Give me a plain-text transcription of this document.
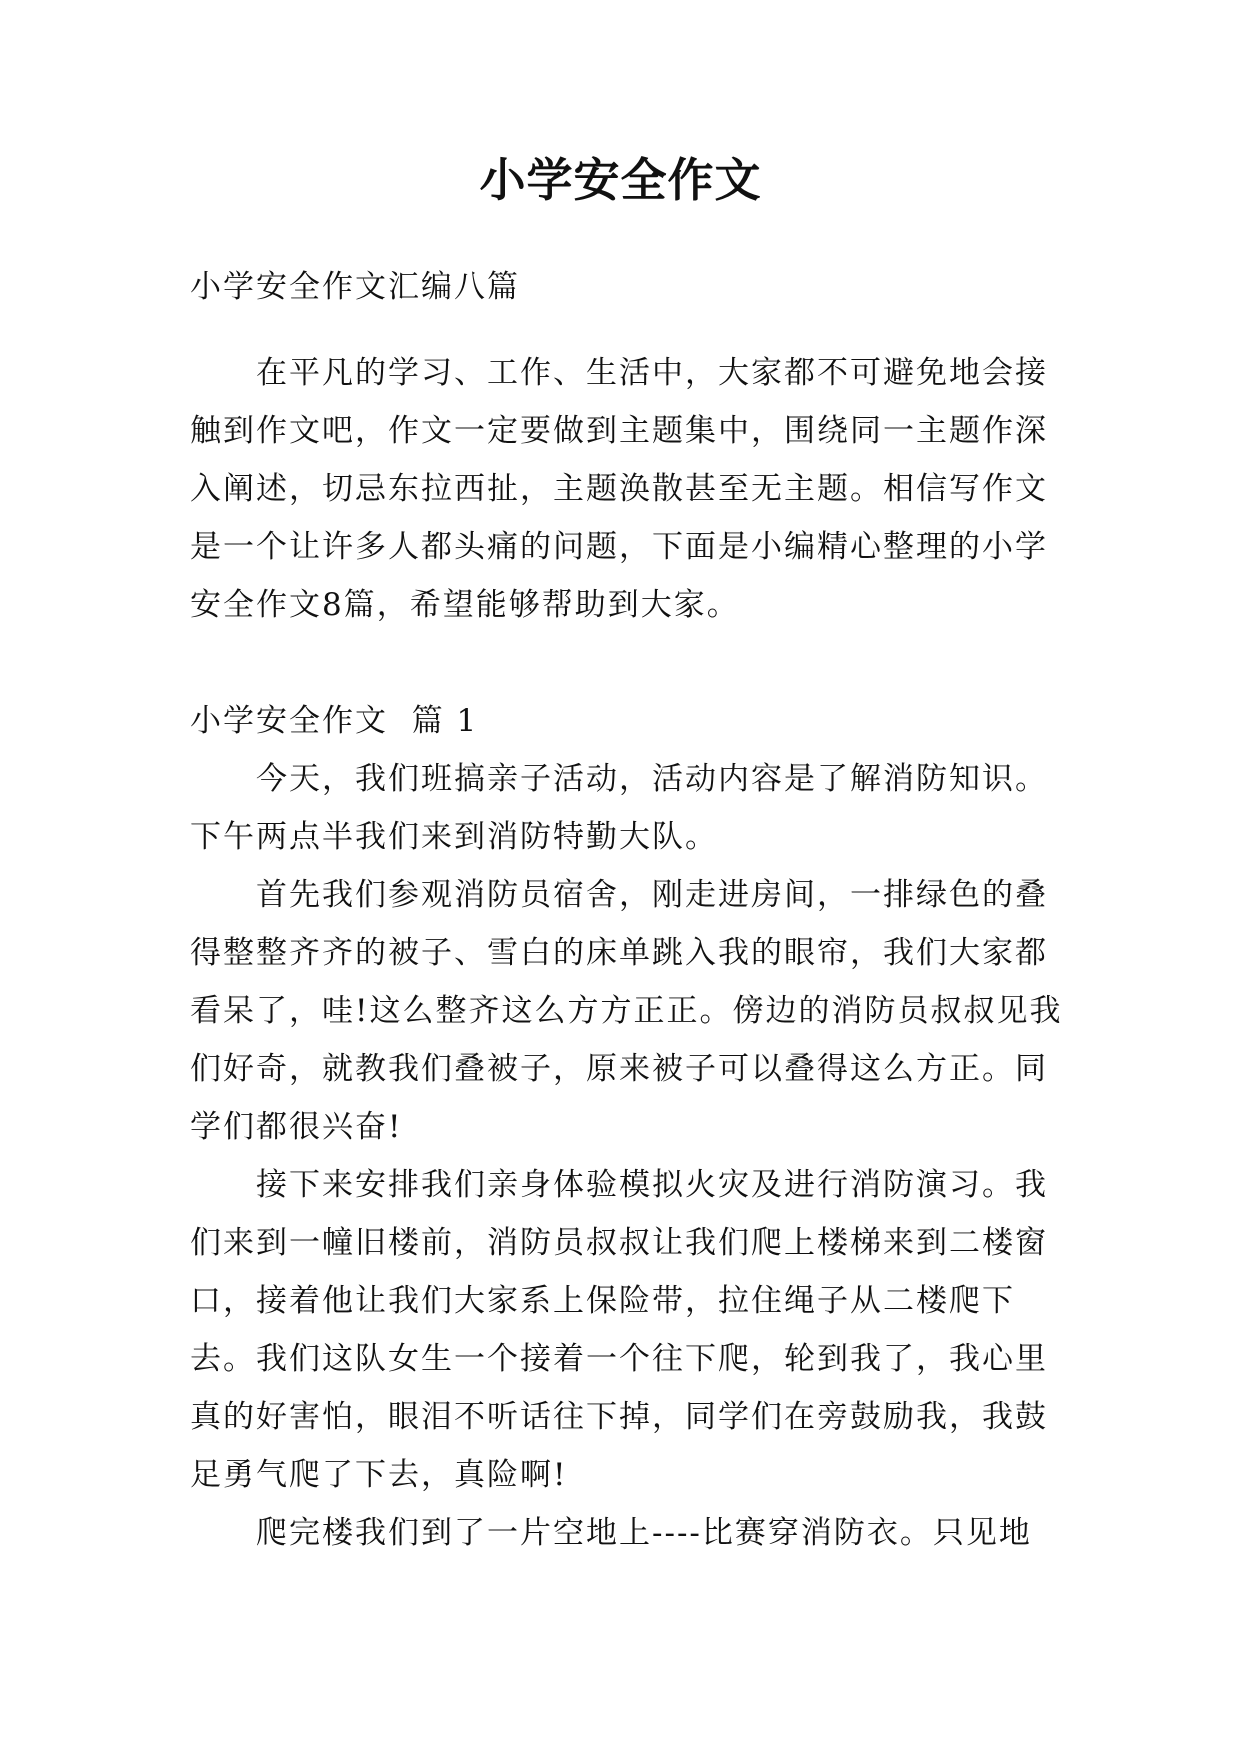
小学安全作文
小学安全作文汇编八篇

在平凡的学习、工作、生活中，大家都不可避免地会接触到作文吧，作文一定要做到主题集中，围绕同一主题作深入阐述，切忌东拉西扯，主题涣散甚至无主题。相信写作文是一个让许多人都头痛的问题，下面是小编精心整理的小学安全作文8篇，希望能够帮助到大家。

小学安全作文  篇 1

今天，我们班搞亲子活动，活动内容是了解消防知识。下午两点半我们来到消防特勤大队。

首先我们参观消防员宿舍，刚走进房间，一排绿色的叠得整整齐齐的被子、雪白的床单跳入我的眼帘，我们大家都看呆了，哇!这么整齐这么方方正正。傍边的消防员叔叔见我们好奇，就教我们叠被子，原来被子可以叠得这么方正。同学们都很兴奋!

接下来安排我们亲身体验模拟火灾及进行消防演习。我们来到一幢旧楼前，消防员叔叔让我们爬上楼梯来到二楼窗口，接着他让我们大家系上保险带，拉住绳子从二楼爬下去。我们这队女生一个接着一个往下爬，轮到我了，我心里真的好害怕，眼泪不听话往下掉，同学们在旁鼓励我，我鼓足勇气爬了下去，真险啊!

爬完楼我们到了一片空地上----比赛穿消防衣。只见地
